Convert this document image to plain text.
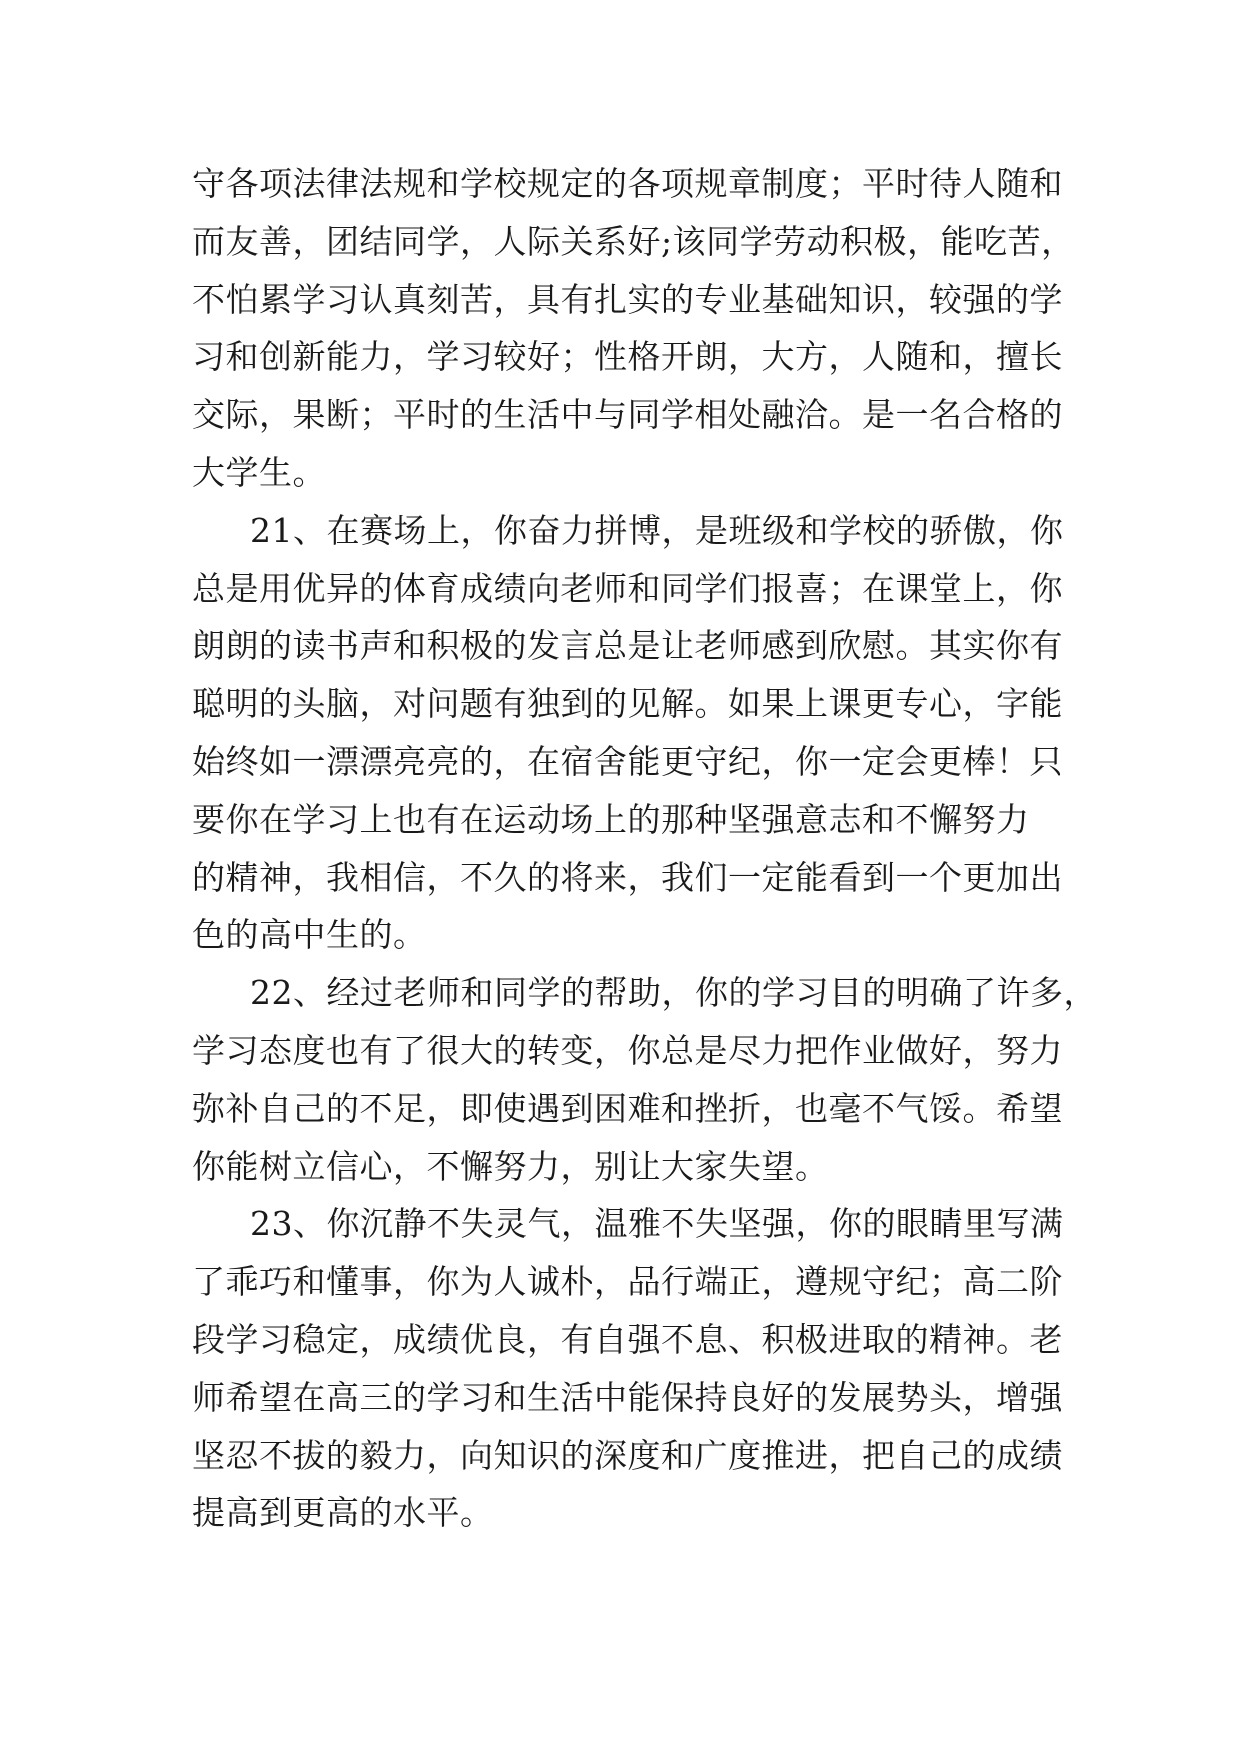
守各项法律法规和学校规定的各项规章制度；平时待人随和
而友善，团结同学，人际关系好;该同学劳动积极，能吃苦，
不怕累学习认真刻苦，具有扎实的专业基础知识，较强的学
习和创新能力，学习较好；性格开朗，大方，人随和，擅长
交际，果断；平时的生活中与同学相处融洽。是一名合格的
大学生。
21、在赛场上，你奋力拼博，是班级和学校的骄傲，你
总是用优异的体育成绩向老师和同学们报喜；在课堂上，你
朗朗的读书声和积极的发言总是让老师感到欣慰。其实你有
聪明的头脑，对问题有独到的见解。如果上课更专心，字能
始终如一漂漂亮亮的，在宿舍能更守纪，你一定会更棒！只
要你在学习上也有在运动场上的那种坚强意志和不懈努力
的精神，我相信，不久的将来，我们一定能看到一个更加出
色的高中生的。
22、经过老师和同学的帮助，你的学习目的明确了许多，
学习态度也有了很大的转变，你总是尽力把作业做好，努力
弥补自己的不足，即使遇到困难和挫折，也毫不气馁。希望
你能树立信心，不懈努力，别让大家失望。
23、你沉静不失灵气，温雅不失坚强，你的眼睛里写满
了乖巧和懂事，你为人诚朴，品行端正，遵规守纪；高二阶
段学习稳定，成绩优良，有自强不息、积极进取的精神。老
师希望在高三的学习和生活中能保持良好的发展势头，增强
坚忍不拔的毅力，向知识的深度和广度推进，把自己的成绩
提高到更高的水平。
